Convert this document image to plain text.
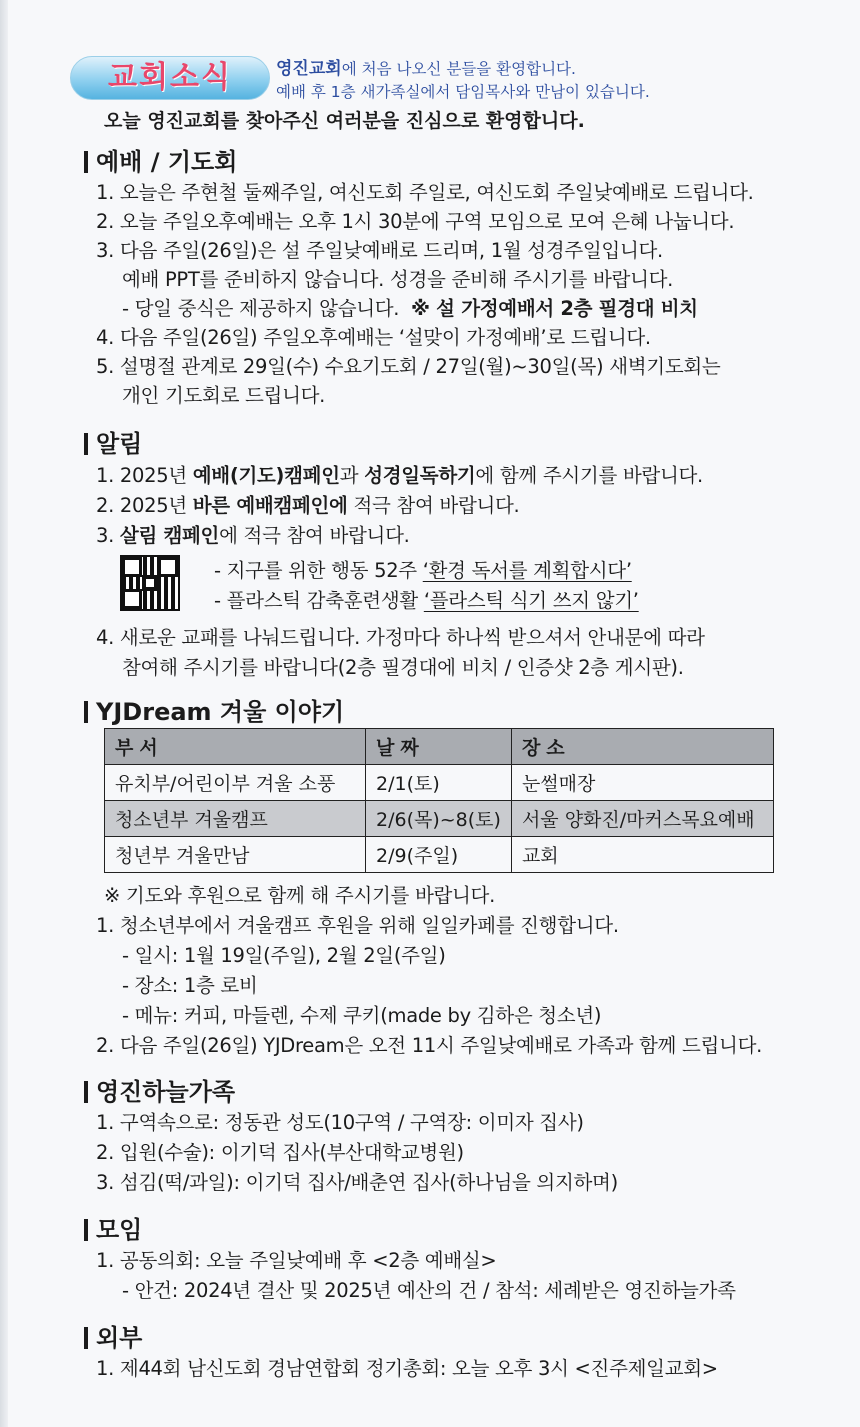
교회소식	영진교회에 처음 나오신 분들을 환영합니다.
예배 후 1층 새가족실에서 담임목사와 만남이 있습니다.
오늘 영진교회를 찾아주신 여러분을 진심으로 환영합니다.
예배 / 기도회
1. 오늘은 주현철 둘째주일, 여신도회 주일로, 여신도회 주일낮예배로 드립니다.
2. 오늘 주일오후예배는 오후 1시 30분에 구역 모임으로 모여 은혜 나눕니다.
3. 다음 주일(26일)은 설 주일낮예배로 드리며, 1월 성경주일입니다.
예배 PPT를 준비하지 않습니다. 성경을 준비해 주시기를 바랍니다.
- 당일 중식은 제공하지 않습니다. ※ 설 가정예배서 2층 필경대 비치
4. 다음 주일(26일) 주일오후예배는 ‘설맞이 가정예배’로 드립니다.
5. 설명절 관계로 29일(수) 수요기도회 / 27일(월)~30일(목) 새벽기도회는
개인 기도회로 드립니다.
알림
1. 2025년 예배(기도)캠페인과 성경일독하기에 함께 주시기를 바랍니다.
2. 2025년 바른 예배캠페인에 적극 참여 바랍니다.
3. 살림 캠페인에 적극 참여 바랍니다.
- 지구를 위한 행동 52주 ‘환경 독서를 계획합시다’
- 플라스틱 감축훈련생활 ‘플라스틱 식기 쓰지 않기’
4. 새로운 교패를 나눠드립니다. 가정마다 하나씩 받으셔서 안내문에 따라
참여해 주시기를 바랍니다(2층 필경대에 비치 / 인증샷 2층 게시판).
YJDream 겨울 이야기
부서	날짜	장소
유치부/어린이부 겨울 소풍	2/1(토)	눈썰매장
청소년부 겨울캠프	2/6(목)~8(토)	서울 양화진/마커스목요예배
청년부 겨울만남	2/9(주일)	교회
※ 기도와 후원으로 함께 해 주시기를 바랍니다.
1. 청소년부에서 겨울캠프 후원을 위해 일일카페를 진행합니다.
- 일시: 1월 19일(주일), 2월 2일(주일)
- 장소: 1층 로비
- 메뉴: 커피, 마들렌, 수제 쿠키(made by 김하은 청소년)
2. 다음 주일(26일) YJDream은 오전 11시 주일낮예배로 가족과 함께 드립니다.
영진하늘가족
1. 구역속으로: 정동관 성도(10구역 / 구역장: 이미자 집사)
2. 입원(수술): 이기덕 집사(부산대학교병원)
3. 섬김(떡/과일): 이기덕 집사/배춘연 집사(하나님을 의지하며)
모임
1. 공동의회: 오늘 주일낮예배 후 <2층 예배실>
- 안건: 2024년 결산 및 2025년 예산의 건 / 참석: 세례받은 영진하늘가족
외부
1. 제44회 남신도회 경남연합회 정기총회: 오늘 오후 3시 <진주제일교회>
